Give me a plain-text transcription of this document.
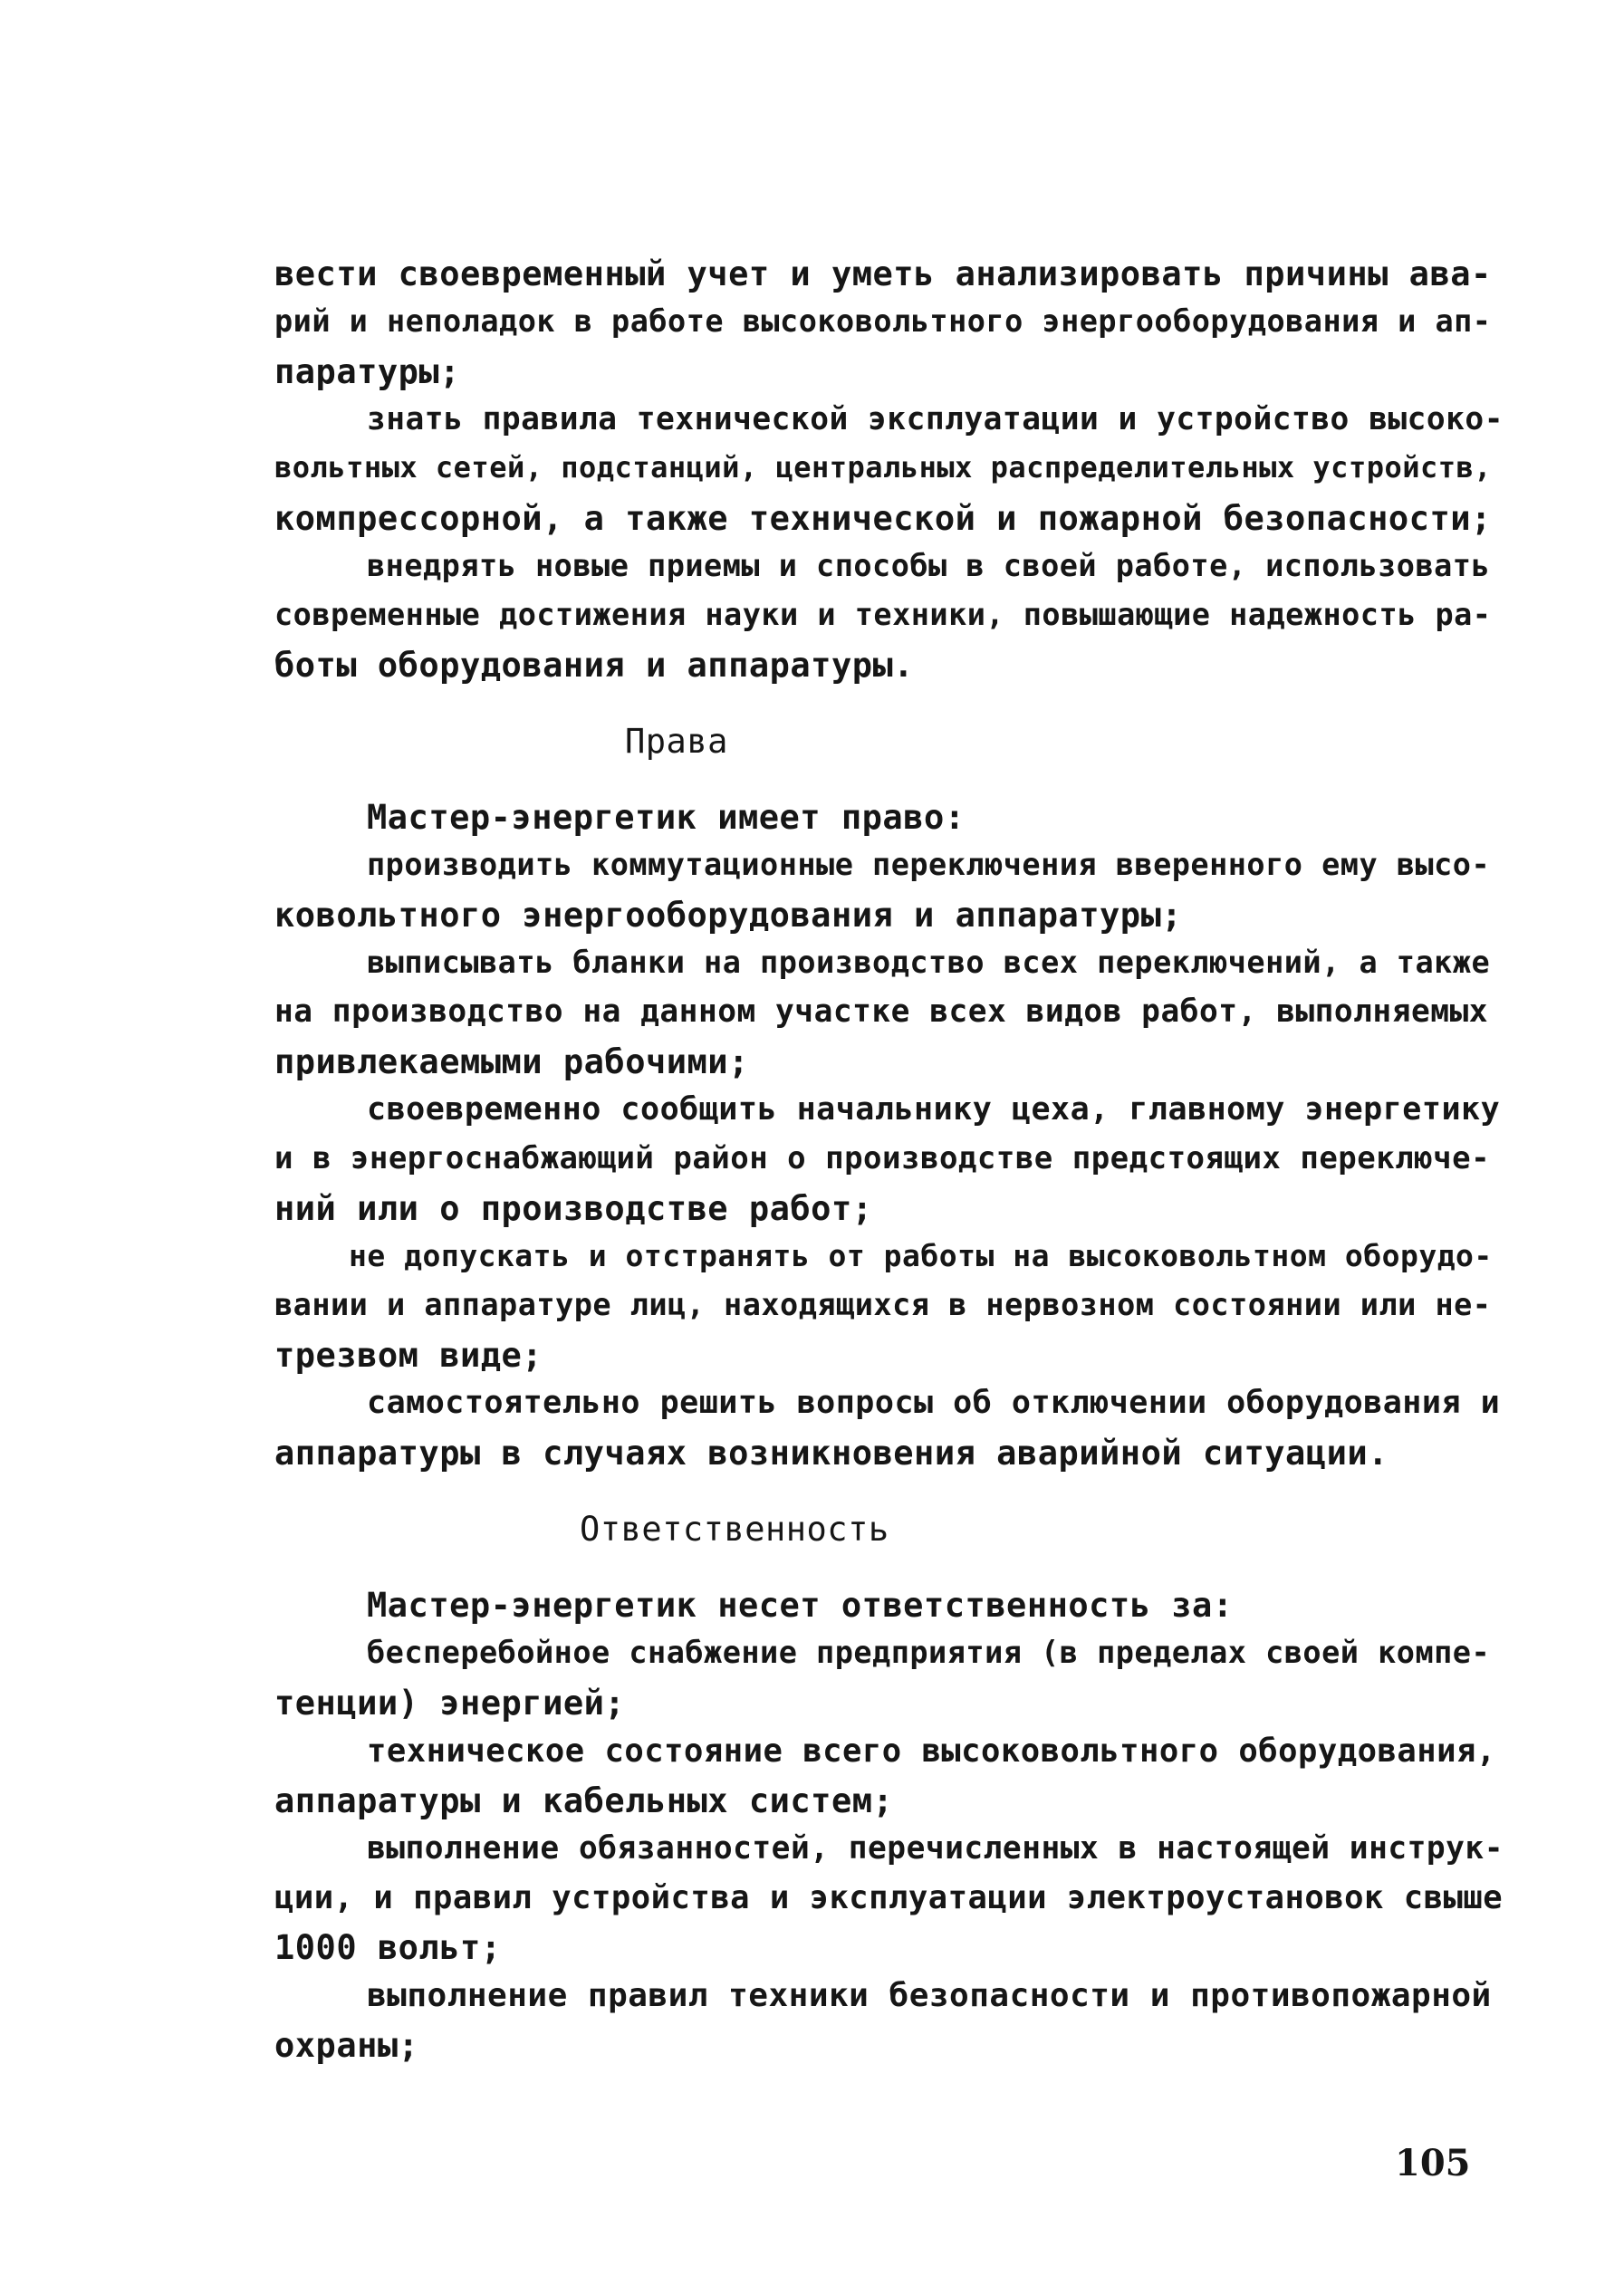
вести своевременный учет и уметь анализировать причины ава-
рий и неполадок в работе высоковольтного энергооборудования и ап-
паратуры;
знать правила технической эксплуатации и устройство высоко-
вольтных сетей, подстанций, центральных распределительных устройств,
компрессорной, а также технической и пожарной безопасности;
внедрять новые приемы и способы в своей работе, использовать
современные достижения науки и техники, повышающие надежность ра-
боты оборудования и аппаратуры.
Права
Мастер-энергетик имеет право:
производить коммутационные переключения вверенного ему высо-
ковольтного энергооборудования и аппаратуры;
выписывать бланки на производство всех переключений, а также
на производство на данном участке всех видов работ, выполняемых
привлекаемыми рабочими;
своевременно сообщить начальнику цеха, главному энергетику
и в энергоснабжающий район о производстве предстоящих переключе-
ний или о производстве работ;
не допускать и отстранять от работы на высоковольтном оборудо-
вании и аппаратуре лиц, находящихся в нервозном состоянии или не-
трезвом виде;
самостоятельно решить вопросы об отключении оборудования и
аппаратуры в случаях возникновения аварийной ситуации.
Ответственность
Мастер-энергетик несет ответственность за:
бесперебойное снабжение предприятия (в пределах своей компе-
тенции) энергией;
техническое состояние всего высоковольтного оборудования,
аппаратуры и кабельных систем;
выполнение обязанностей, перечисленных в настоящей инструк-
ции, и правил устройства и эксплуатации электроустановок свыше
1000 вольт;
выполнение правил техники безопасности и противопожарной
охраны;
105
